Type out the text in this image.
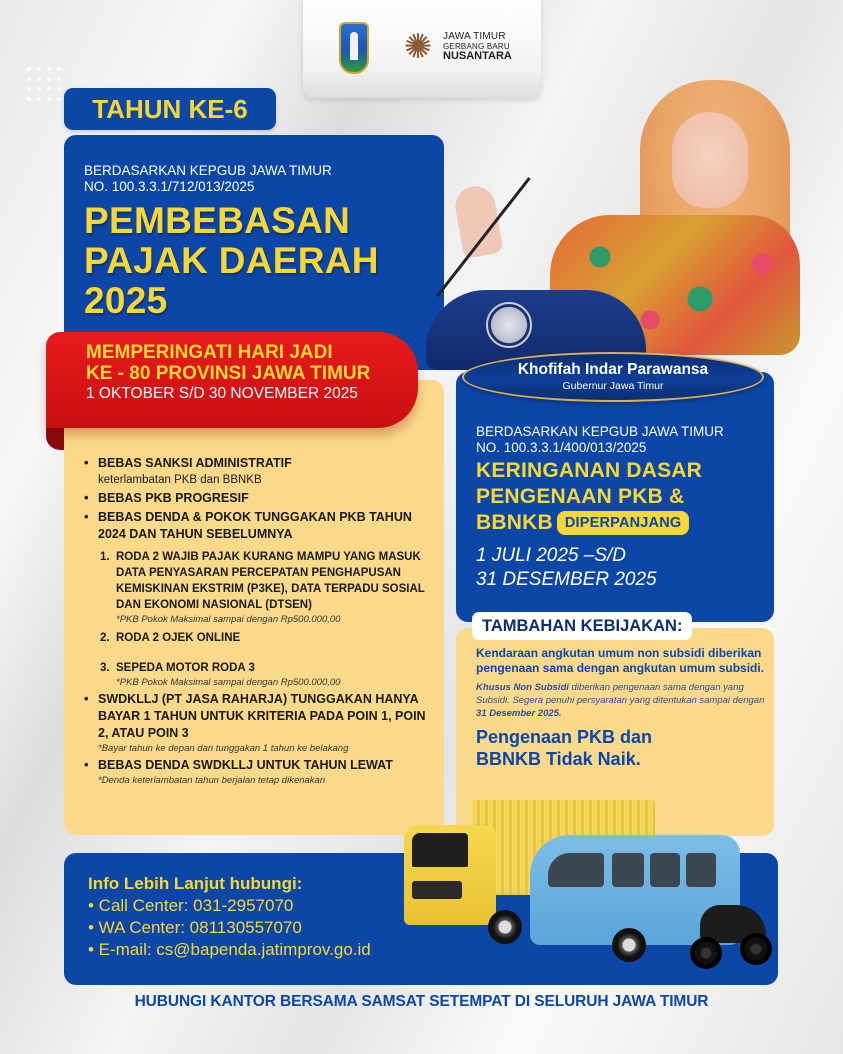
✺	JAWA TIMUR
GERBANG BARU
NUSANTARA
TAHUN KE-6
BERDASARKAN KEPGUB JAWA TIMUR
NO. 100.3.3.1/712/013/2025
PEMBEBASAN
PAJAK DAERAH
2025
MEMPERINGATI HARI JADI
KE - 80 PROVINSI JAWA TIMUR
1 OKTOBER S/D 30 NOVEMBER 2025
• BEBAS SANKSI ADMINISTRATIF
keterlambatan PKB dan BBNKB
• BEBAS PKB PROGRESIF
• BEBAS DENDA & POKOK TUNGGAKAN PKB TAHUN 2024 DAN TAHUN SEBELUMNYA
1. RODA 2 WAJIB PAJAK KURANG MAMPU YANG MASUK DATA PENYASARAN PERCEPATAN PENGHAPUSAN KEMISKINAN EKSTRIM (P3KE), DATA TERPADU SOSIAL DAN EKONOMI NASIONAL (DTSEN)
*PKB Pokok Maksimal sampai dengan Rp500.000,00
2. RODA 2 OJEK ONLINE
3. SEPEDA MOTOR RODA 3
*PKB Pokok Maksimal sampai dengan Rp500.000,00
• SWDKLLJ (PT JASA RAHARJA) TUNGGAKAN HANYA BAYAR 1 TAHUN UNTUK KRITERIA PADA POIN 1, POIN 2, ATAU POIN 3
*Bayar tahun ke depan dan tunggakan 1 tahun ke belakang
• BEBAS DENDA SWDKLLJ UNTUK TAHUN LEWAT
*Denda keterlambatan tahun berjalan tetap dikenakan
BERDASARKAN KEPGUB JAWA TIMUR
NO. 100.3.3.1/400/013/2025
KERINGANAN DASAR
PENGENAAN PKB &
BBNKB DIPERPANJANG
1 JULI 2025 –S/D
31 DESEMBER 2025
Khofifah Indar Parawansa
Gubernur Jawa Timur
Kendaraan angkutan umum non subsidi diberikan pengenaan sama dengan angkutan umum subsidi.
Khusus Non Subsidi diberikan pengenaan sama dengan yang Subsidi. Segera penuhi persyaratan yang ditentukan sampai dengan 31 Desember 2025.
Pengenaan PKB dan
BBNKB Tidak Naik.
TAMBAHAN KEBIJAKAN:
Info Lebih Lanjut hubungi:
• Call Center: 031-2957070
• WA Center: 081130557070
• E-mail: cs@bapenda.jatimprov.go.id
HUBUNGI KANTOR BERSAMA SAMSAT SETEMPAT DI SELURUH JAWA TIMUR
